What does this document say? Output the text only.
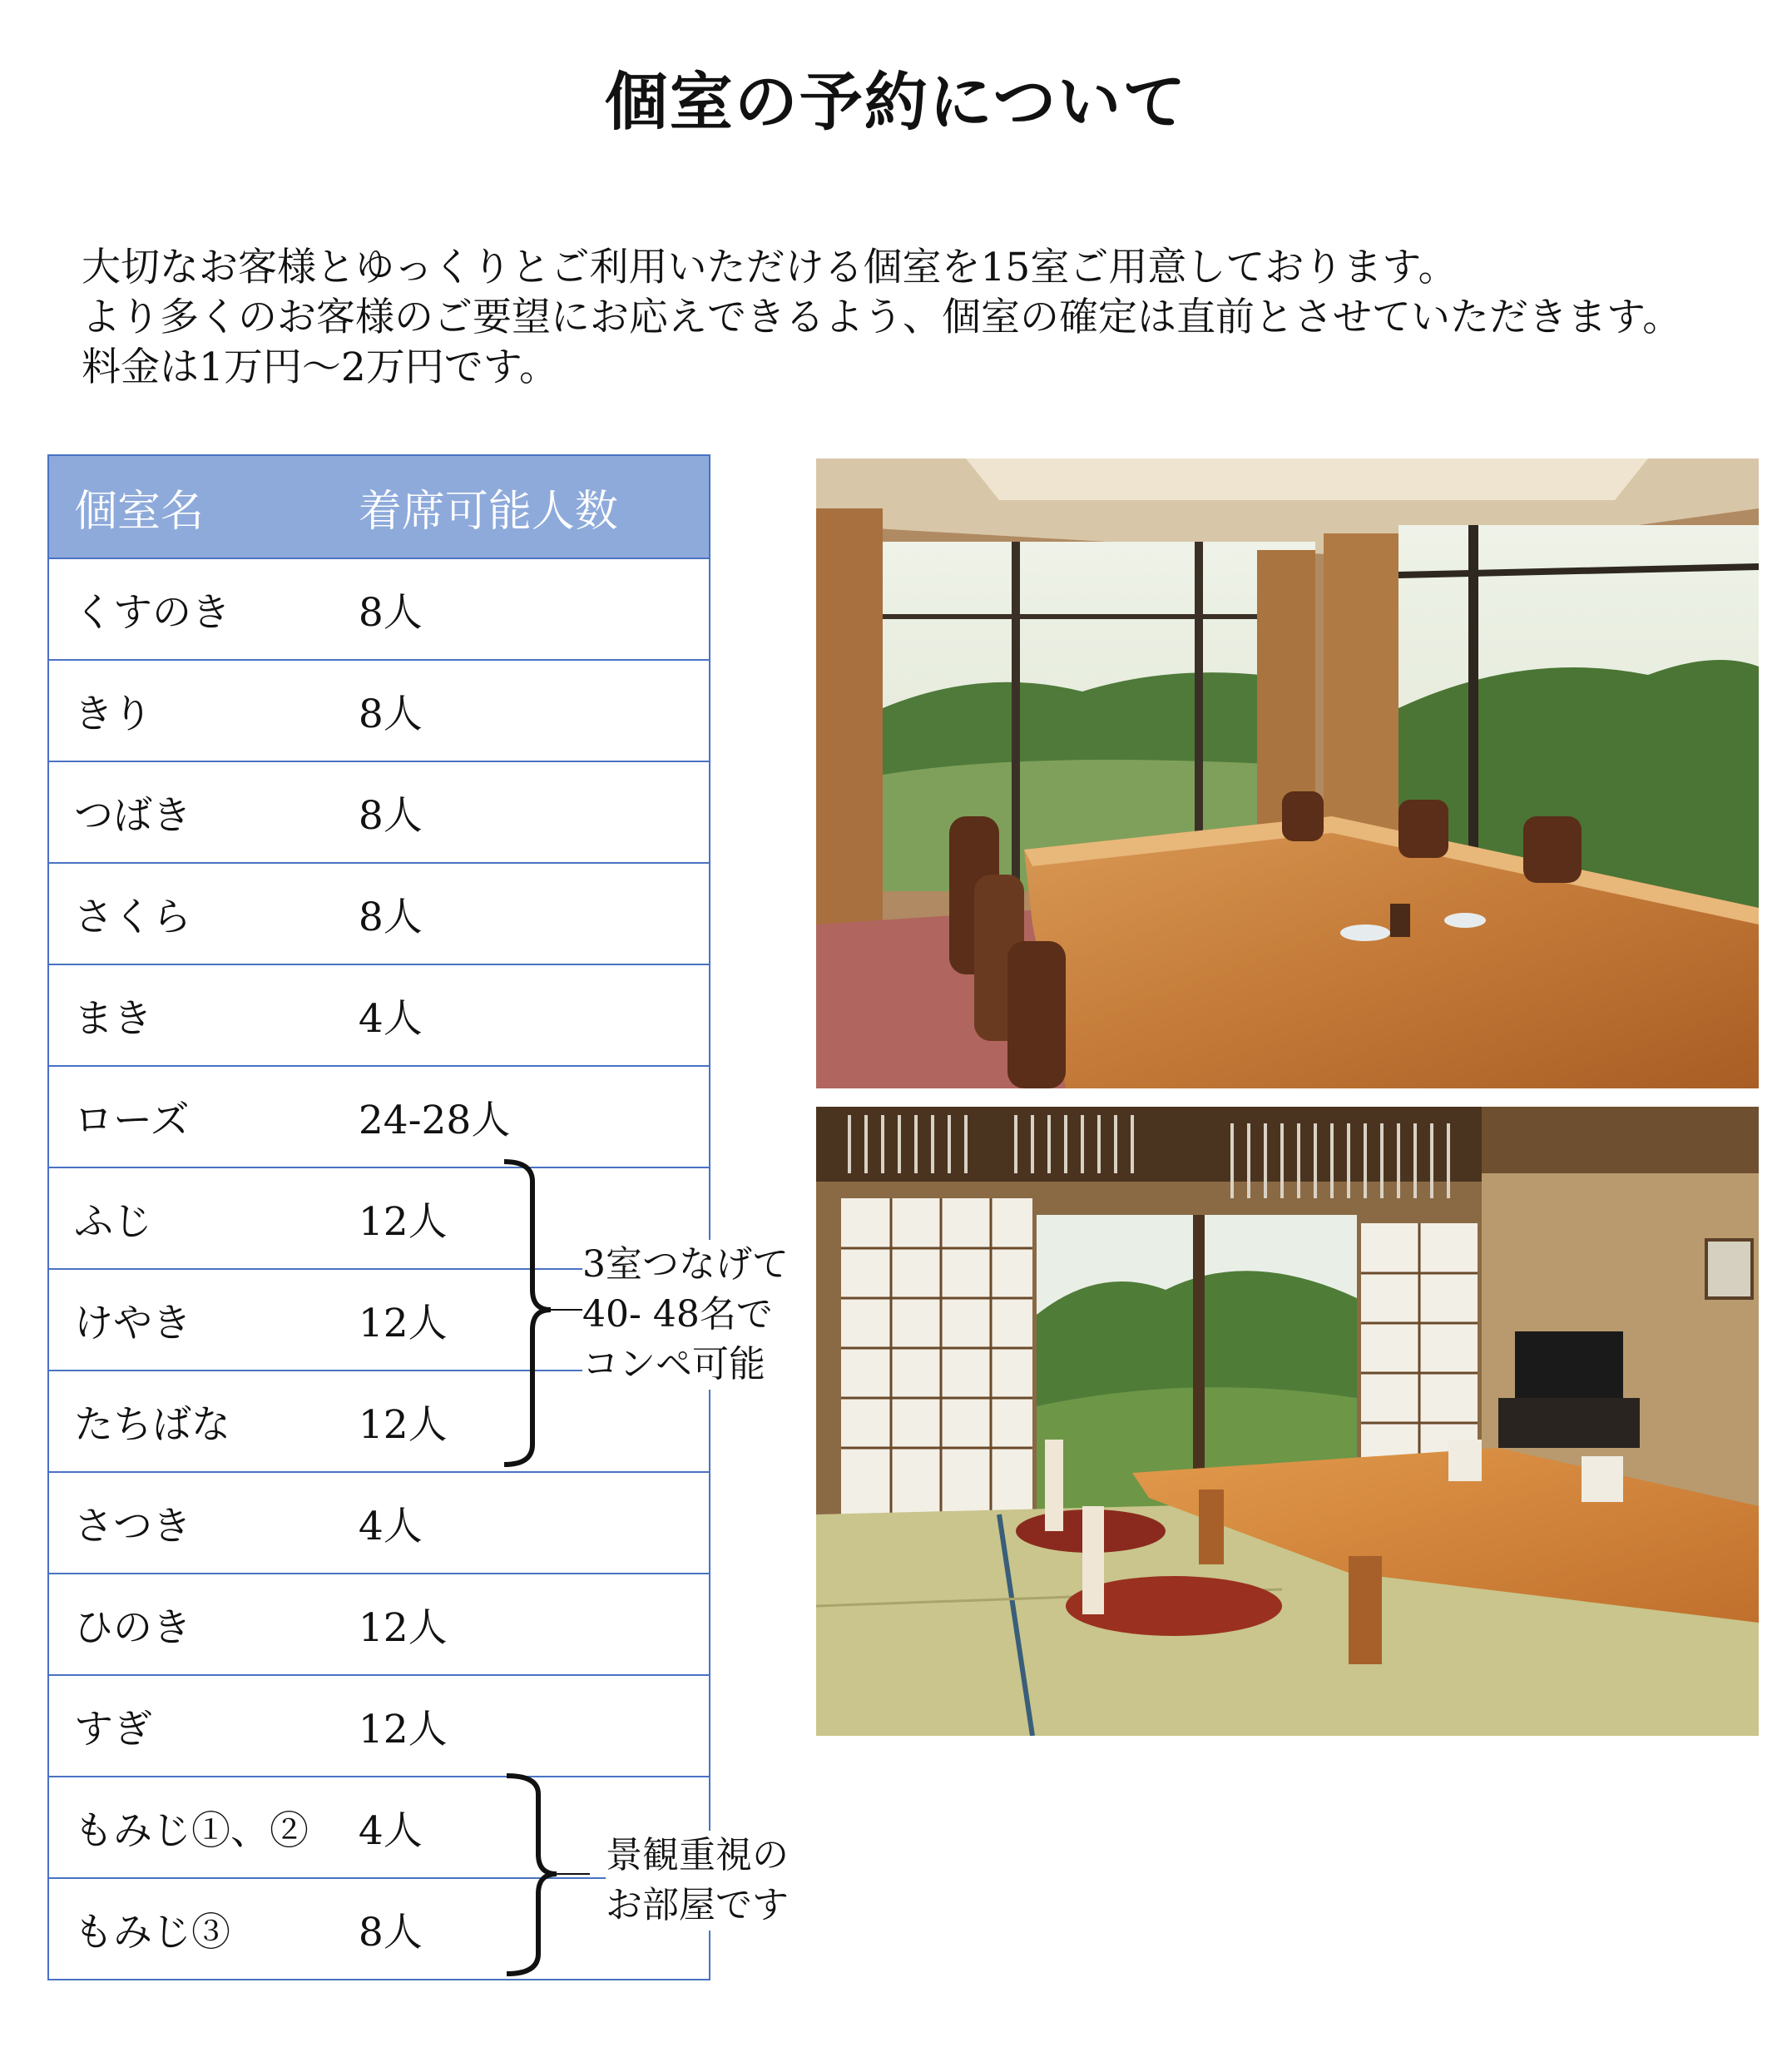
個室の予約について

大切なお客様とゆっくりとご利用いただける個室を15室ご用意しております。

より多くのお客様のご要望にお応えできるよう、個室の確定は直前とさせていただきます。

料金は1万円～2万円です。

個室名	着席可能人数
くすのき	8人
きり	8人
つばき	8人
さくら	8人
まき	4人
ローズ	24-28人
ふじ	12人
けやき	12人
たちばな	12人
さつき	4人
ひのき	12人
すぎ	12人
もみじ①、②	4人
もみじ③	8人

3室つなげて

40- 48名で

コンペ可能

景観重視の

お部屋です
